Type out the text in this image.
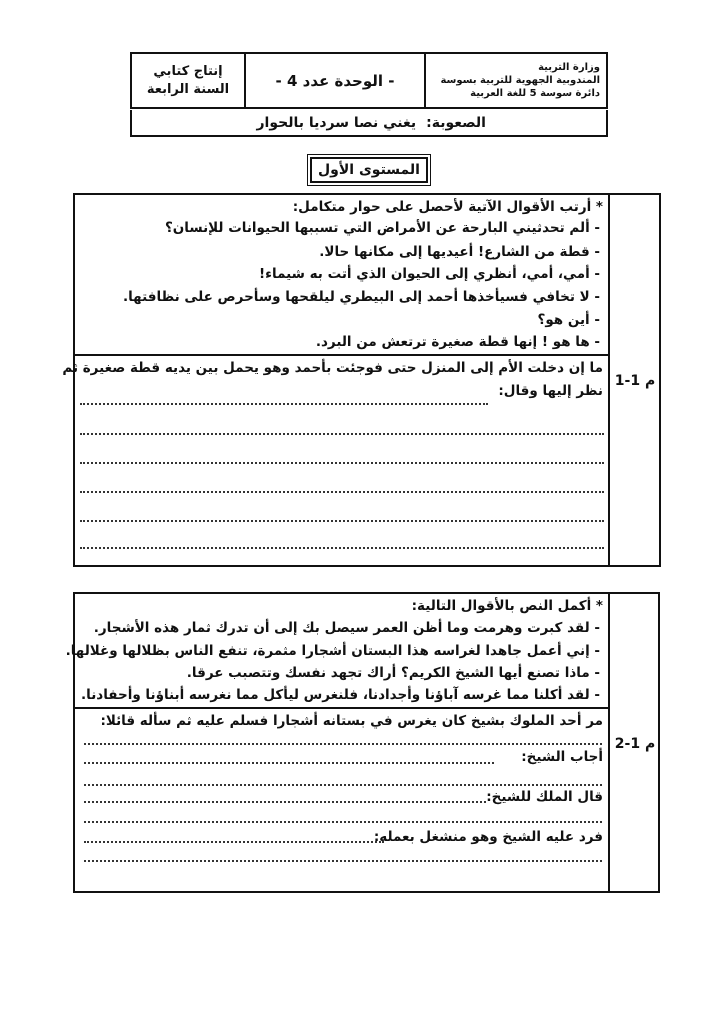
وزارة التربية
المندوبية الجهوية للتربية بسوسة
دائرة سوسة 5 للغة العربية
- الوحدة عدد 4 -
إنتاج كتابي
السنة الرابعة
الصعوبة:
يغني نصا سرديا بالحوار
المستوى الأول
م 1-1
* أرتب الأقوال الآتية لأحصل على حوار متكامل:
- ألم تحدثيني البارحة عن الأمراض التي تسببها الحيوانات للإنسان؟
- قطة من الشارع! أعيديها إلى مكانها حالا.
- أمي، أمي، أنظري إلى الحيوان الذي أتت به شيماء!
- لا تخافي فسيأخذها أحمد إلى البيطري ليلقحها وسأحرص على نظافتها.
- أين هو؟
- ها هو ! إنها قطة صغيرة ترتعش من البرد.
ما إن دخلت الأم إلى المنزل حتى فوجئت بأحمد وهو يحمل بين يديه قطة صغيرة ثم
نظر إليها وقال:
م 1-2
* أكمل النص بالأقوال التالية:
- لقد كبرت وهرمت وما أظن العمر سيصل بك إلى أن تدرك ثمار هذه الأشجار.
- إني أعمل جاهدا لغراسه هذا البستان أشجارا مثمرة، تنفع الناس بظلالها وغلالها.
- ماذا تصنع أيها الشيخ الكريم؟ أراك تجهد نفسك وتتصبب عرقا.
- لقد أكلنا مما غرسه آباؤنا وأجدادنا، فلنغرس ليأكل مما نغرسه أبناؤنا وأحفادنا.
مر أحد الملوك بشيخ كان يغرس في بستانه أشجارا فسلم عليه ثم سأله قائلا:
أجاب الشيخ:
قال الملك للشيخ:
فرد عليه الشيخ وهو منشغل بعمله:
